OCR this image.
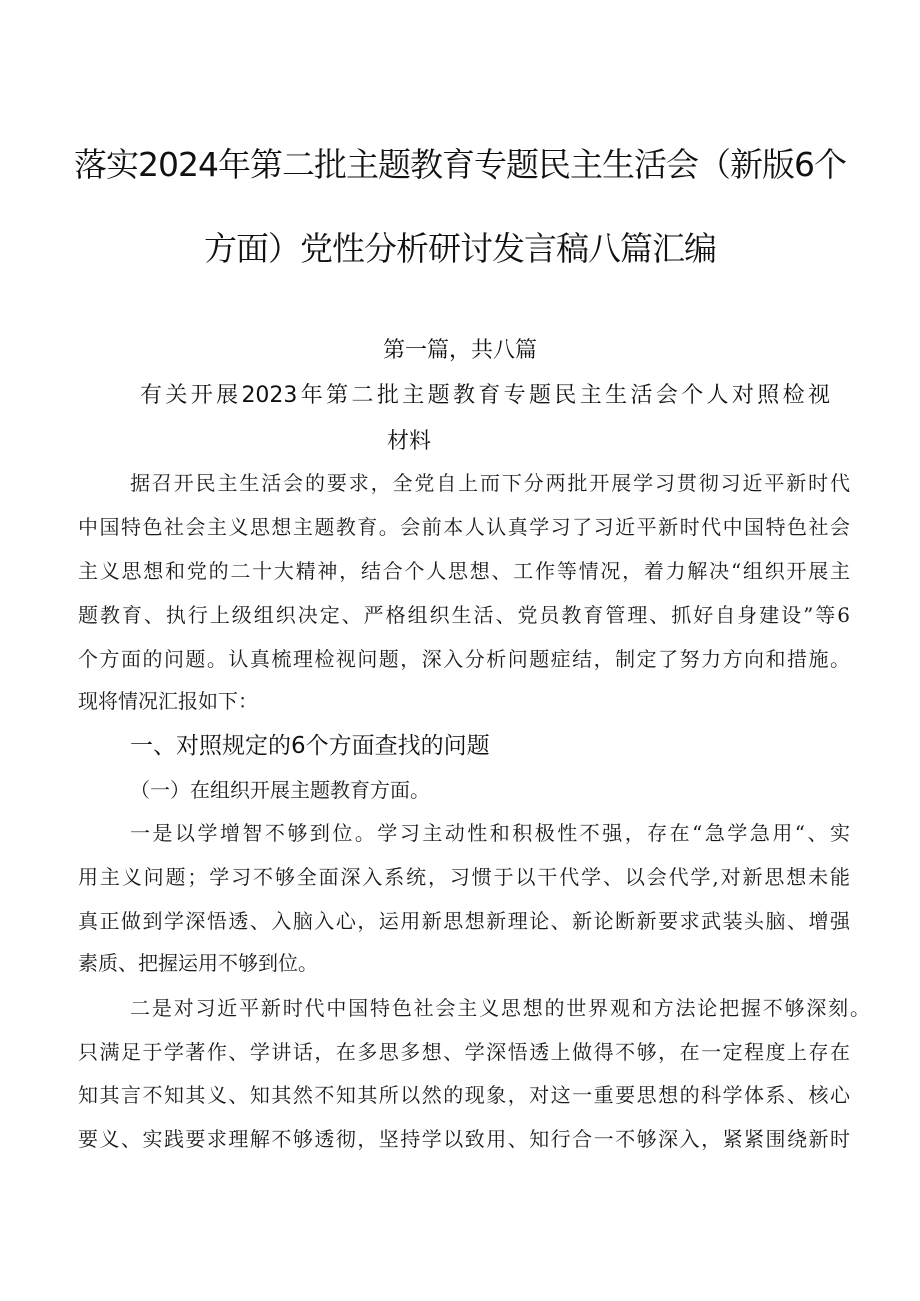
落实2024年第二批主题教育专题民主生活会（新版6个
方面）党性分析研讨发言稿八篇汇编
第一篇，共八篇
有关开展2023年第二批主题教育专题民主生活会个人对照检视
材料
据召开民主生活会的要求，全党自上而下分两批开展学习贯彻习近平新时代
中国特色社会主义思想主题教育。会前本人认真学习了习近平新时代中国特色社会
主义思想和党的二十大精神，结合个人思想、工作等情况，着力解决“组织开展主
题教育、执行上级组织决定、严格组织生活、党员教育管理、抓好自身建设”等6
个方面的问题。认真梳理检视问题，深入分析问题症结，制定了努力方向和措施。
现将情况汇报如下：
一、对照规定的6个方面查找的问题
（一）在组织开展主题教育方面。
一是以学增智不够到位。学习主动性和积极性不强，存在“急学急用“、实
用主义问题；学习不够全面深入系统，习惯于以干代学、以会代学,对新思想未能
真正做到学深悟透、入脑入心，运用新思想新理论、新论断新要求武装头脑、增强
素质、把握运用不够到位。
二是对习近平新时代中国特色社会主义思想的世界观和方法论把握不够深刻。
只满足于学著作、学讲话，在多思多想、学深悟透上做得不够，在一定程度上存在
知其言不知其义、知其然不知其所以然的现象，对这一重要思想的科学体系、核心
要义、实践要求理解不够透彻，坚持学以致用、知行合一不够深入，紧紧围绕新时
